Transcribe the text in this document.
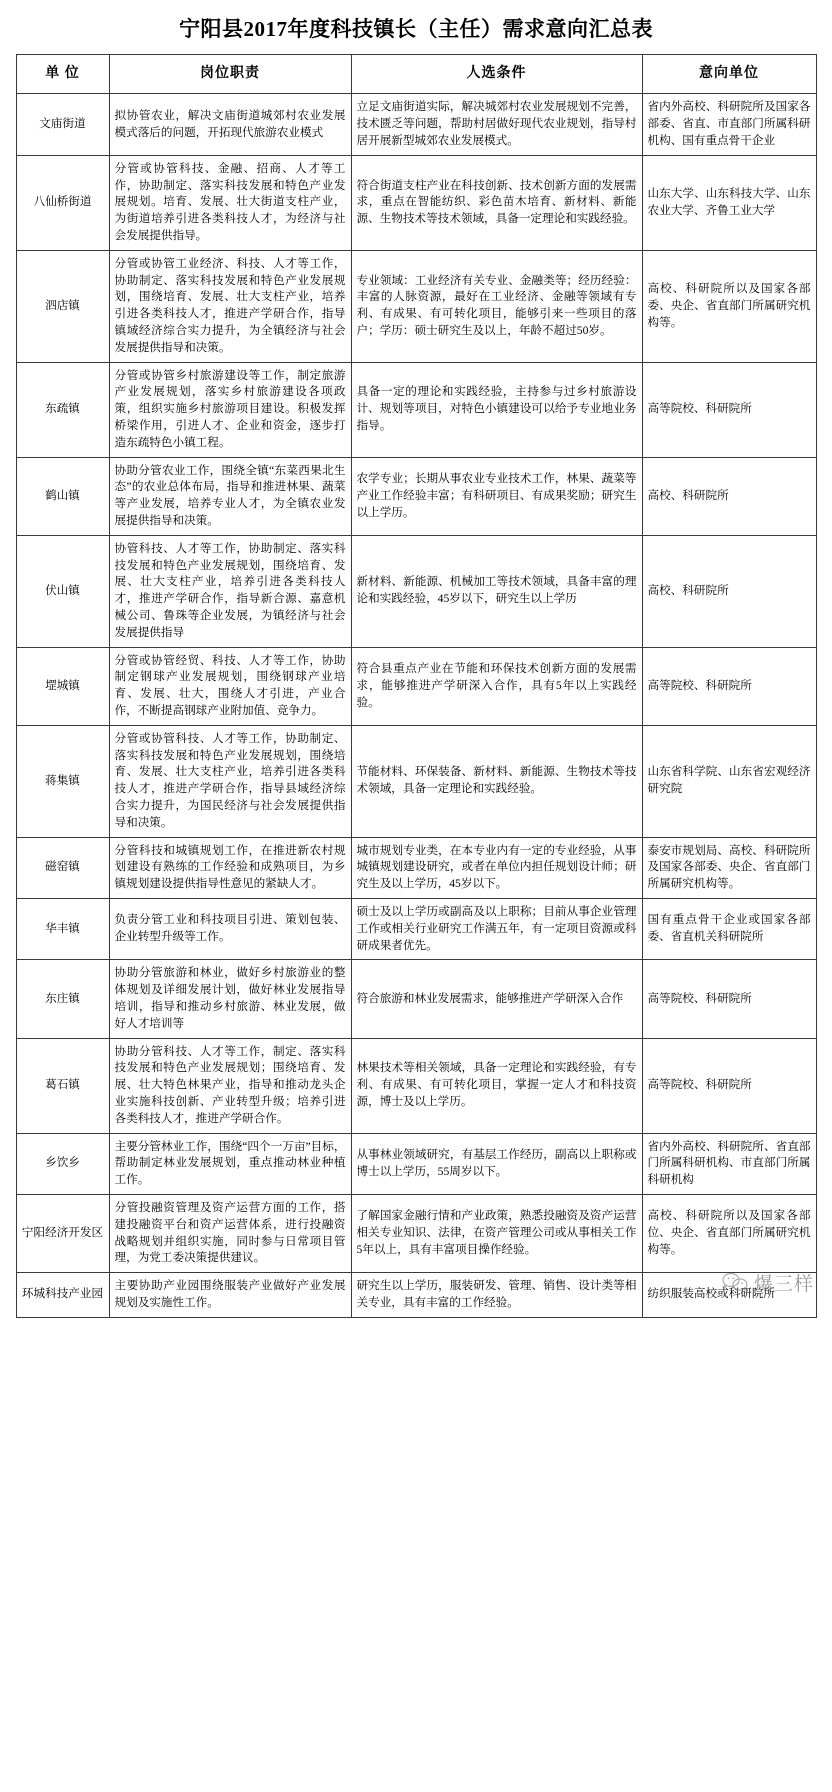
宁阳县2017年度科技镇长（主任）需求意向汇总表
单 位	岗位职责	人选条件	意向单位
文庙街道	拟协管农业，解决文庙街道城郊村农业发展模式落后的问题，开拓现代旅游农业模式	立足文庙街道实际，解决城郊村农业发展规划不完善，技术匮乏等问题，帮助村居做好现代农业规划，指导村居开展新型城郊农业发展模式。	省内外高校、科研院所及国家各部委、省直、市直部门所属科研机构、国有重点骨干企业
八仙桥街道	分管或协管科技、金融、招商、人才等工作，协助制定、落实科技发展和特色产业发展规划。培育、发展、壮大街道支柱产业，为街道培养引进各类科技人才，为经济与社会发展提供指导。	符合街道支柱产业在科技创新、技术创新方面的发展需求，重点在智能纺织、彩色苗木培育、新材料、新能源、生物技术等技术领域，具备一定理论和实践经验。	山东大学、山东科技大学、山东农业大学、齐鲁工业大学
泗店镇	分管或协管工业经济、科技、人才等工作，协助制定、落实科技发展和特色产业发展规划，围绕培育、发展、壮大支柱产业，培养引进各类科技人才，推进产学研合作，指导镇域经济综合实力提升，为全镇经济与社会发展提供指导和决策。	专业领域：工业经济有关专业、金融类等；经历经验：丰富的人脉资源，最好在工业经济、金融等领域有专利、有成果、有可转化项目，能够引来一些项目的落户；学历：硕士研究生及以上，年龄不超过50岁。	高校、科研院所以及国家各部委、央企、省直部门所属研究机构等。
东疏镇	分管或协管乡村旅游建设等工作，制定旅游产业发展规划，落实乡村旅游建设各项政策，组织实施乡村旅游项目建设。积极发挥桥梁作用，引进人才、企业和资金，逐步打造东疏特色小镇工程。	具备一定的理论和实践经验，主持参与过乡村旅游设计、规划等项目，对特色小镇建设可以给予专业地业务指导。	高等院校、科研院所
鹤山镇	协助分管农业工作，围绕全镇“东菜西果北生态”的农业总体布局，指导和推进林果、蔬菜等产业发展，培养专业人才，为全镇农业发展提供指导和决策。	农学专业；长期从事农业专业技术工作，林果、蔬菜等产业工作经验丰富；有科研项目、有成果奖励；研究生以上学历。	高校、科研院所
伏山镇	协管科技、人才等工作，协助制定、落实科技发展和特色产业发展规划，围绕培育、发展、壮大支柱产业，培养引进各类科技人才，推进产学研合作，指导新合源、嘉意机械公司、鲁珠等企业发展，为镇经济与社会发展提供指导	新材料、新能源、机械加工等技术领域，具备丰富的理论和实践经验，45岁以下，研究生以上学历	高校、科研院所
堽城镇	分管或协管经贸、科技、人才等工作，协助制定钢球产业发展规划，围绕钢球产业培育、发展、壮大，围绕人才引进，产业合作，不断提高钢球产业附加值、竞争力。	符合县重点产业在节能和环保技术创新方面的发展需求，能够推进产学研深入合作，具有5年以上实践经验。	高等院校、科研院所
蒋集镇	分管或协管科技、人才等工作，协助制定、落实科技发展和特色产业发展规划，围绕培育、发展、壮大支柱产业，培养引进各类科技人才，推进产学研合作，指导县域经济综合实力提升，为国民经济与社会发展提供指导和决策。	节能材料、环保装备、新材料、新能源、生物技术等技术领域，具备一定理论和实践经验。	山东省科学院、山东省宏观经济研究院
磁窑镇	分管科技和城镇规划工作，在推进新农村规划建设有熟练的工作经验和成熟项目，为乡镇规划建设提供指导性意见的紧缺人才。	城市规划专业类，在本专业内有一定的专业经验，从事城镇规划建设研究，或者在单位内担任规划设计师；研究生及以上学历，45岁以下。	泰安市规划局、高校、科研院所及国家各部委、央企、省直部门所属研究机构等。
华丰镇	负责分管工业和科技项目引进、策划包装、企业转型升级等工作。	硕士及以上学历或副高及以上职称；目前从事企业管理工作或相关行业研究工作满五年，有一定项目资源或科研成果者优先。	国有重点骨干企业或国家各部委、省直机关科研院所
东庄镇	协助分管旅游和林业，做好乡村旅游业的整体规划及详细发展计划，做好林业发展指导培训，指导和推动乡村旅游、林业发展，做好人才培训等	符合旅游和林业发展需求，能够推进产学研深入合作	高等院校、科研院所
葛石镇	协助分管科技、人才等工作，制定、落实科技发展和特色产业发展规划；围绕培育、发展、壮大特色林果产业，指导和推动龙头企业实施科技创新、产业转型升级；培养引进各类科技人才，推进产学研合作。	林果技术等相关领域，具备一定理论和实践经验，有专利、有成果、有可转化项目，掌握一定人才和科技资源，博士及以上学历。	高等院校、科研院所
乡饮乡	主要分管林业工作，围绕“四个一万亩”目标，帮助制定林业发展规划，重点推动林业种植工作。	从事林业领域研究，有基层工作经历，副高以上职称或博士以上学历，55周岁以下。	省内外高校、科研院所、省直部门所属科研机构、市直部门所属科研机构
宁阳经济开发区	分管投融资管理及资产运营方面的工作，搭建投融资平台和资产运营体系，进行投融资战略规划并组织实施，同时参与日常项目管理，为党工委决策提供建议。	了解国家金融行情和产业政策，熟悉投融资及资产运营相关专业知识、法律，在资产管理公司或从事相关工作5年以上，具有丰富项目操作经验。	高校、科研院所以及国家各部位、央企、省直部门所属研究机构等。
环城科技产业园	主要协助产业园围绕服装产业做好产业发展规划及实施性工作。	研究生以上学历，服装研发、管理、销售、设计类等相关专业，具有丰富的工作经验。	纺织服装高校或科研院所
爆三样
